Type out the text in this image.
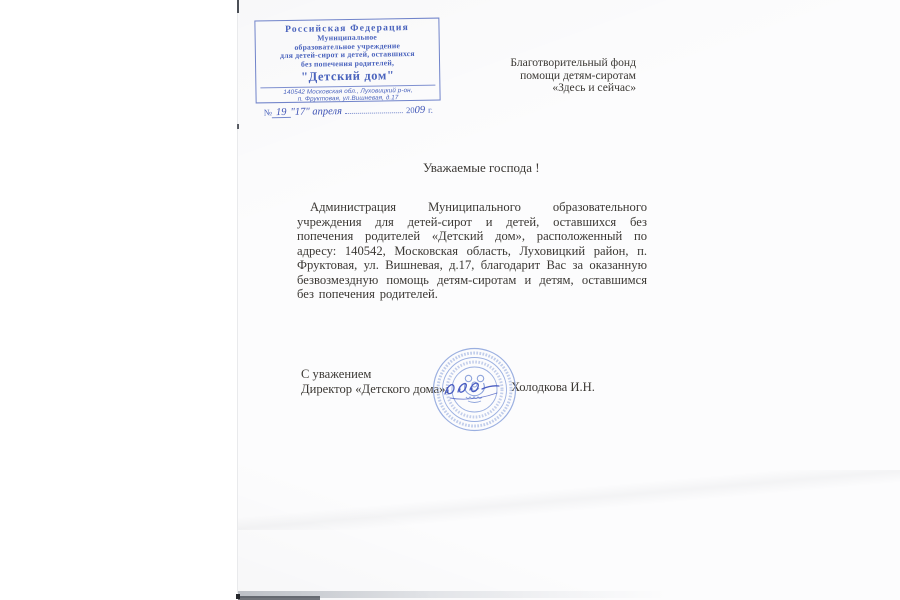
Российская Федерация
Муниципальное
образовательное учреждение
для детей-сирот и детей, оставшихся
без попечения родителей,
"Детский дом"
140542 Московская обл., Луховицкий р-он,
п. Фруктовая, ул.Вишневая, д.17
№ 19 "17" апреля	20 09 г.
Благотворительный фонд
помощи детям-сиротам
«Здесь и сейчас»
Уважаемые господа !
Администрация Муниципального образовательного учреждения для детей-сирот и детей, оставшихся без попечения родителей «Детский дом», расположенный по адресу: 140542, Московская область, Луховицкий район, п. Фруктовая, ул. Вишневая, д.17, благодарит Вас за оказанную безвозмездную помощь детям-сиротам и детям, оставшимся без попечения родителей.
С уважением
Директор «Детского дома»:	Холодкова И.Н.
